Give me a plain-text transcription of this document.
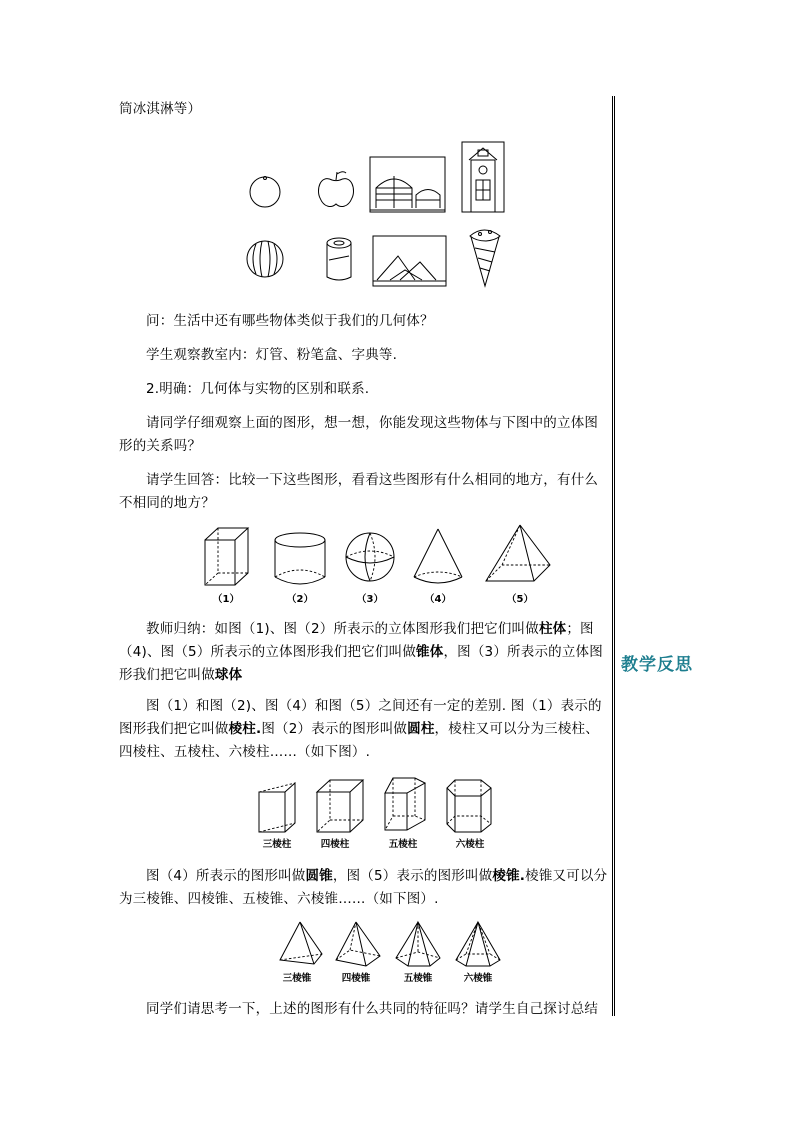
教学反思
筒冰淇淋等）
问：生活中还有哪些物体类似于我们的几何体？
学生观察教室内：灯管、粉笔盒、字典等.
2.明确：几何体与实物的区别和联系.
请同学仔细观察上面的图形，想一想，你能发现这些物体与下图中的立体图形的关系吗？
请学生回答：比较一下这些图形，看看这些图形有什么相同的地方，有什么不相同的地方？
（1）	（2）	（3）	（4）	（5）
教师归纳：如图（1)、图（2）所表示的立体图形我们把它们叫做柱体；图（4)、图（5）所表示的立体图形我们把它们叫做锥体，图（3）所表示的立体图形我们把它叫做球体
图（1）和图（2)、图（4）和图（5）之间还有一定的差别. 图（1）表示的图形我们把它叫做棱柱.图（2）表示的图形叫做圆柱，棱柱又可以分为三棱柱、四棱柱、五棱柱、六棱柱……（如下图）.
三棱柱	四棱柱	五棱柱	六棱柱
图（4）所表示的图形叫做圆锥，图（5）表示的图形叫做棱锥.棱锥又可以分为三棱锥、四棱锥、五棱锥、六棱锥……（如下图）.
三棱锥	四棱锥	五棱锥	六棱锥
同学们请思考一下，上述的图形有什么共同的特征吗？请学生自己探讨总结
